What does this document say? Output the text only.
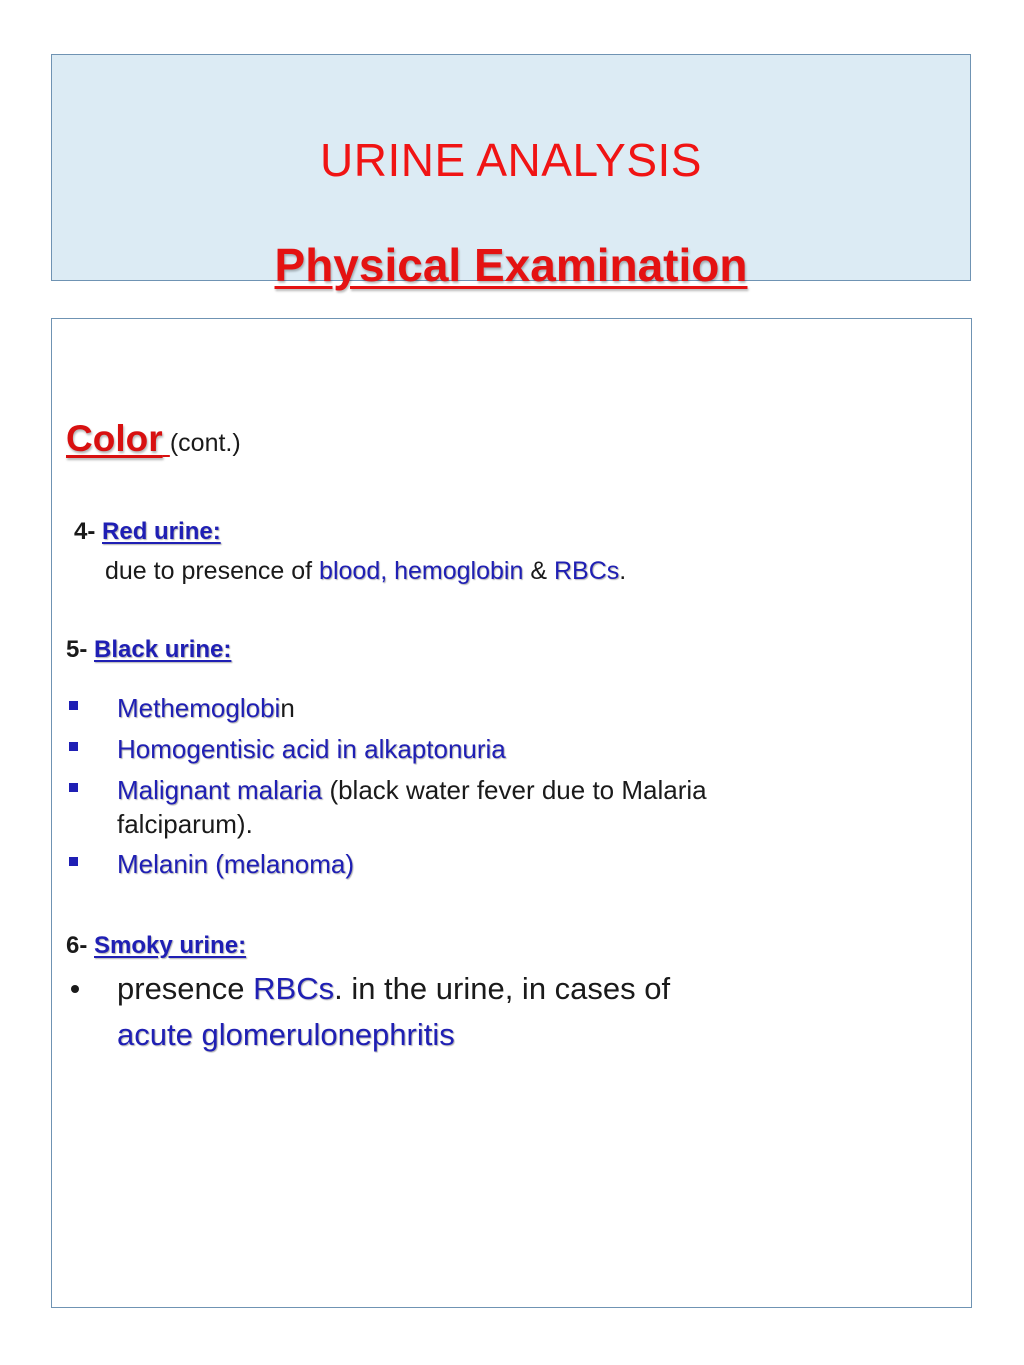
URINE ANALYSIS
Physical Examination
Color (cont.)
4- Red urine:
due to presence of blood, hemoglobin & RBCs.
5- Black urine:
Methemoglobin
Homogentisic acid in alkaptonuria
Malignant malaria (black water fever due to Malaria
falciparum).
Melanin (melanoma)
6- Smoky urine:
presence RBCs. in the urine, in cases of
acute glomerulonephritis
